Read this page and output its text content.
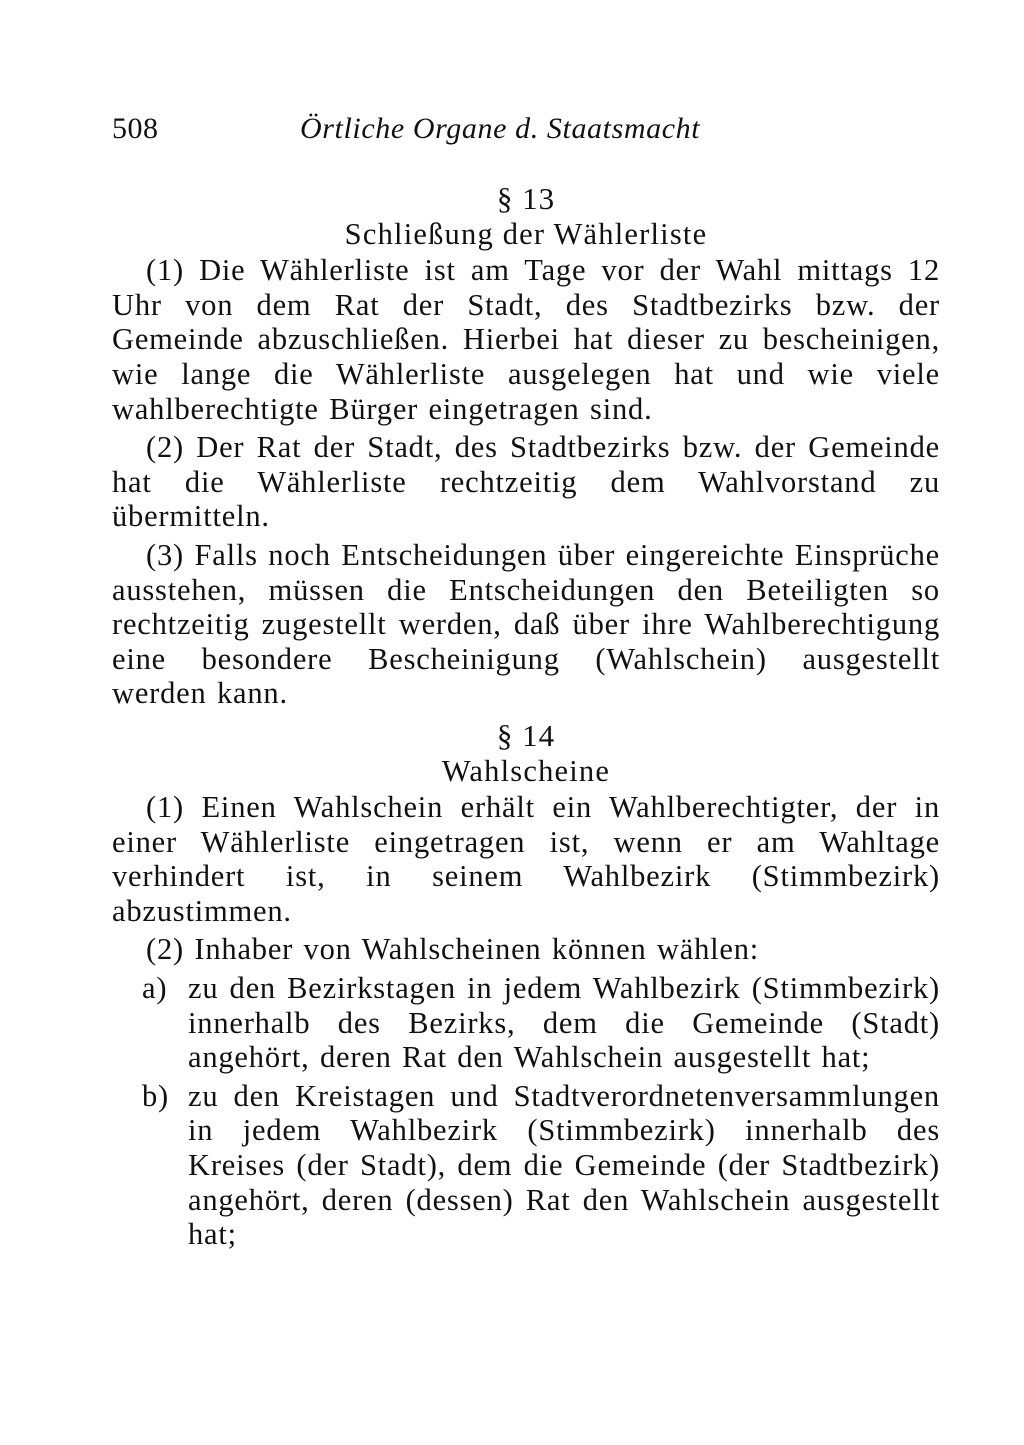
508	Örtliche Organe d. Staatsmacht

§ 13

Schließung der Wählerliste

(1) Die Wählerliste ist am Tage vor der Wahl mittags 12 Uhr von dem Rat der Stadt, des Stadtbezirks bzw. der Gemeinde abzuschließen. Hierbei hat dieser zu bescheinigen, wie lange die Wählerliste ausgelegen hat und wie viele wahlberechtigte Bürger eingetragen sind.

(2) Der Rat der Stadt, des Stadtbezirks bzw. der Gemeinde hat die Wählerliste rechtzeitig dem Wahlvorstand zu übermitteln.

(3) Falls noch Entscheidungen über eingereichte Einsprüche ausstehen, müssen die Entscheidungen den Beteiligten so rechtzeitig zugestellt werden, daß über ihre Wahlberechtigung eine besondere Bescheinigung (Wahlschein) ausgestellt werden kann.

§ 14

Wahlscheine

(1) Einen Wahlschein erhält ein Wahlberechtigter, der in einer Wählerliste eingetragen ist, wenn er am Wahltage verhindert ist, in seinem Wahlbezirk (Stimmbezirk) abzustimmen.

(2) Inhaber von Wahlscheinen können wählen:

a) zu den Bezirkstagen in jedem Wahlbezirk (Stimmbezirk) innerhalb des Bezirks, dem die Gemeinde (Stadt) angehört, deren Rat den Wahlschein ausgestellt hat;
b) zu den Kreistagen und Stadtverordnetenversammlungen in jedem Wahlbezirk (Stimmbezirk) innerhalb des Kreises (der Stadt), dem die Gemeinde (der Stadtbezirk) angehört, deren (dessen) Rat den Wahlschein ausgestellt hat;
